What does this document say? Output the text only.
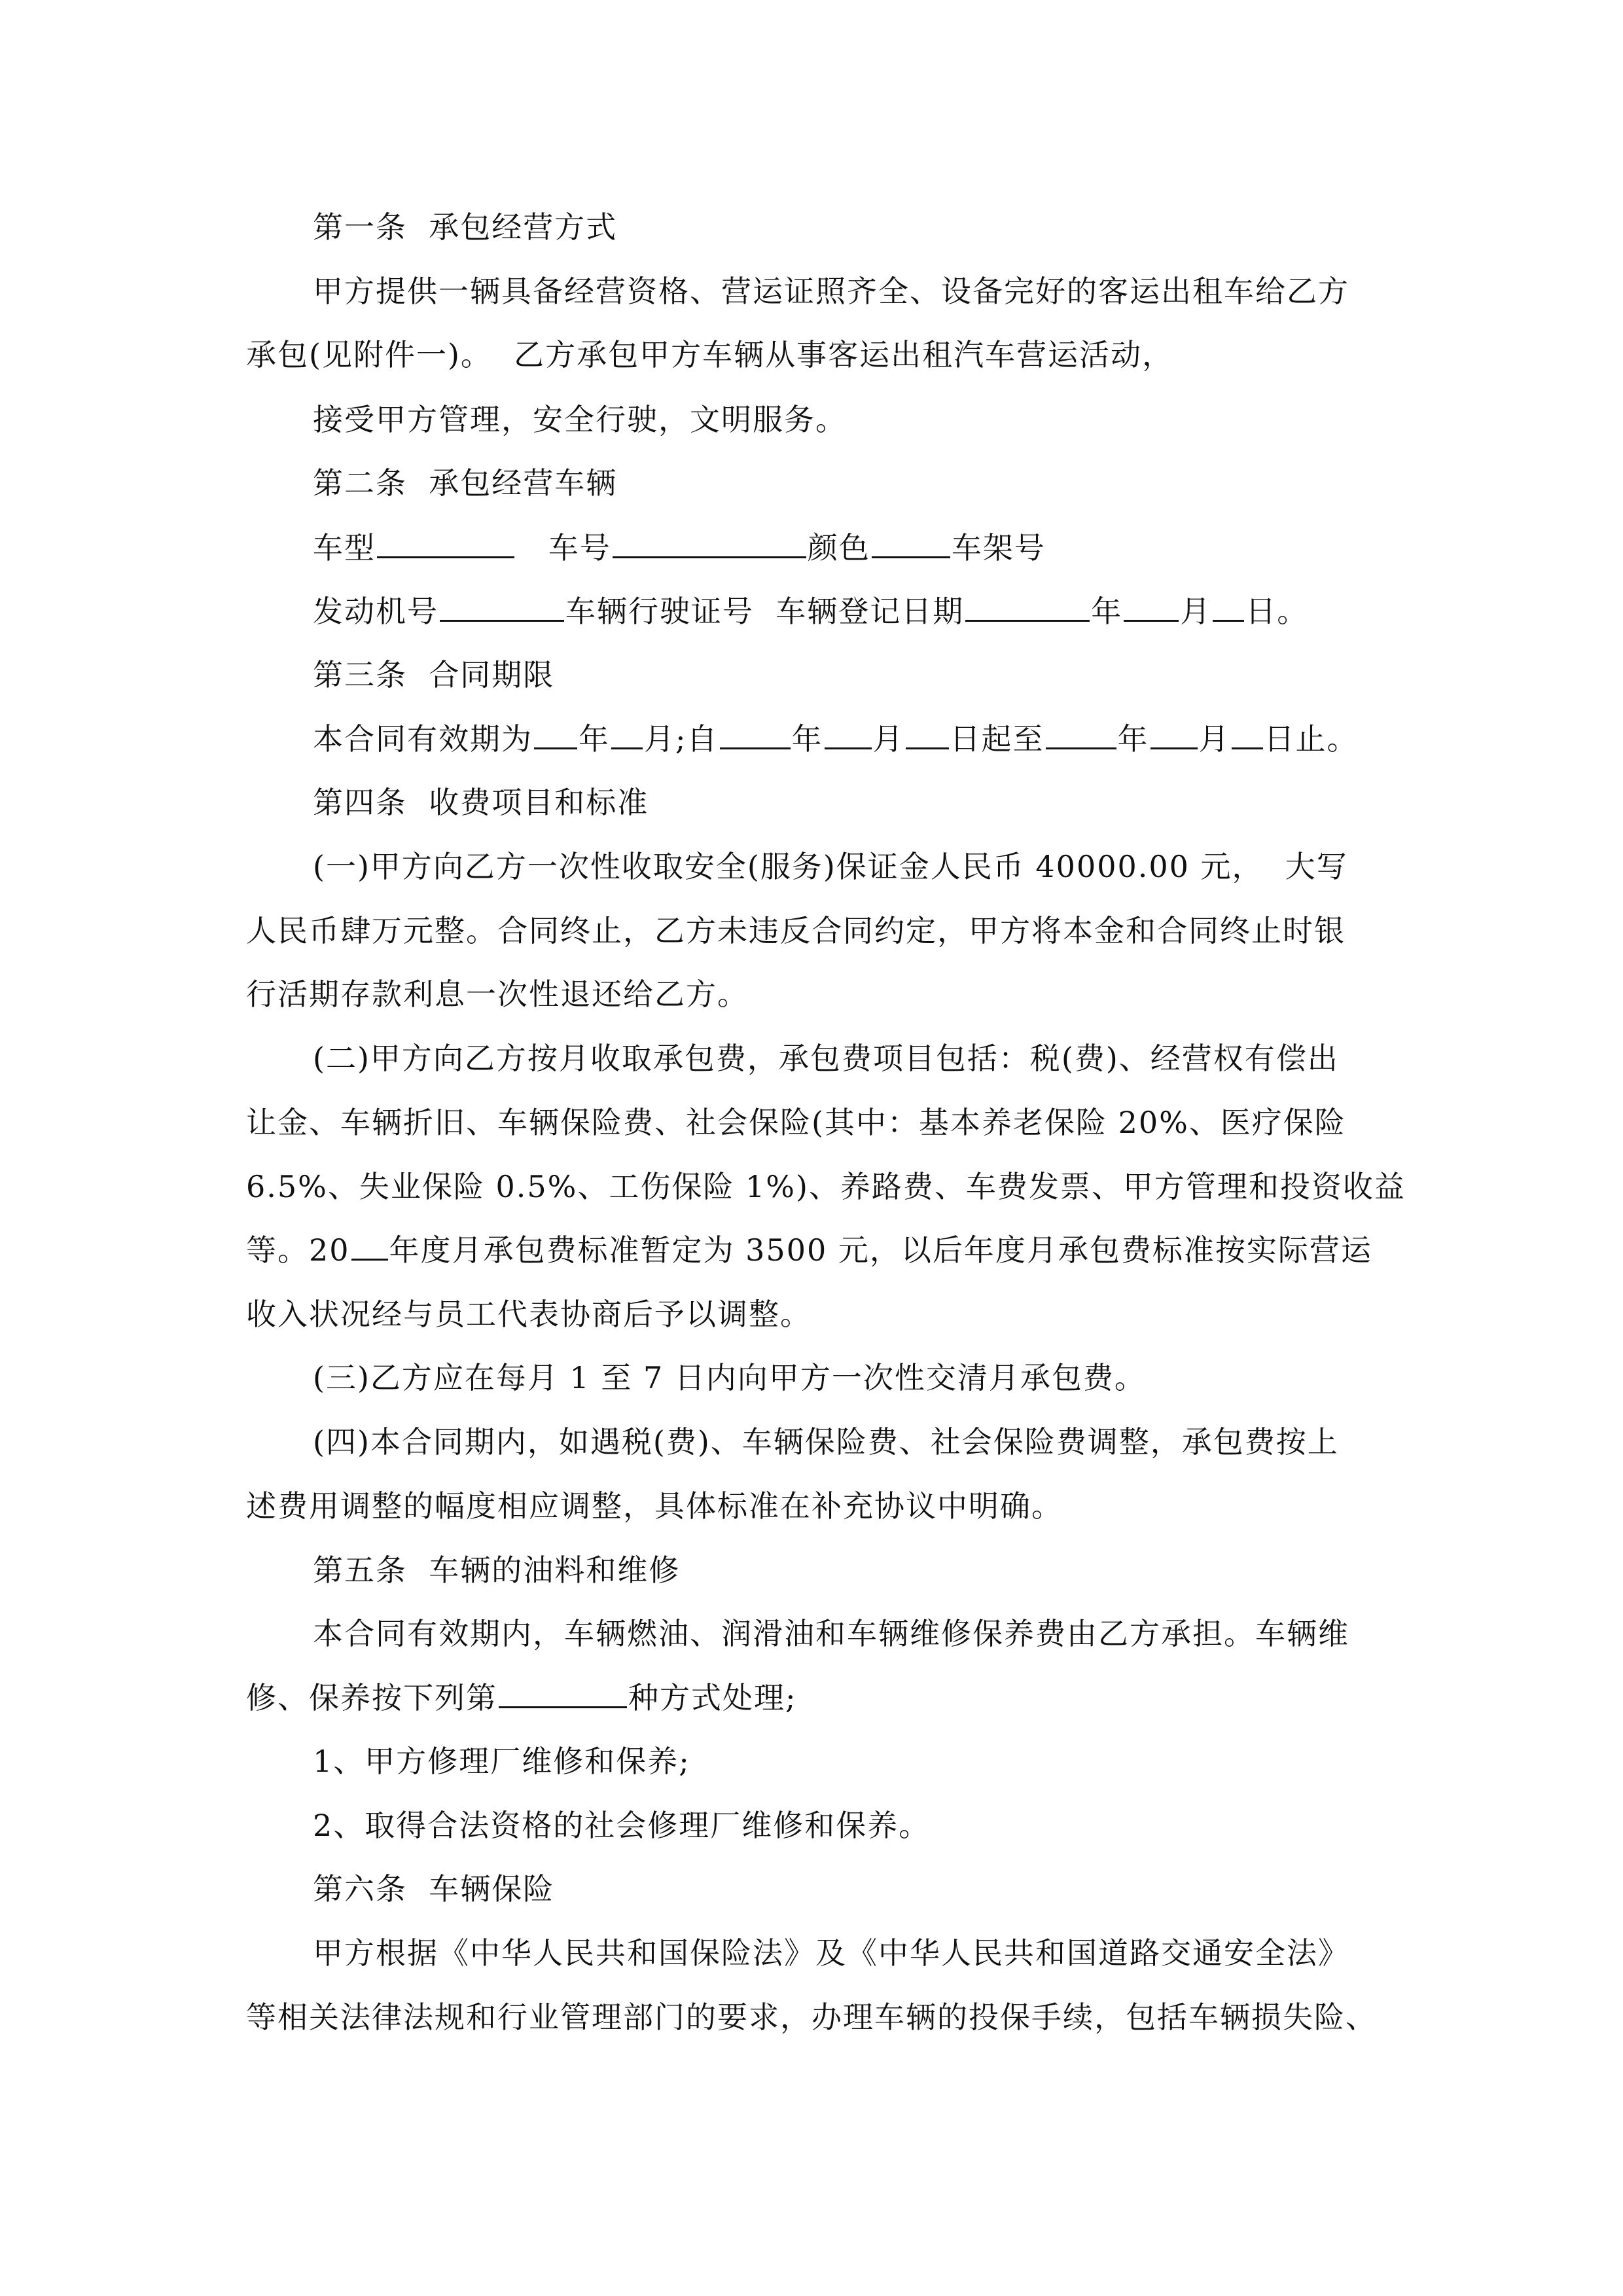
第一条  承包经营方式
甲方提供一辆具备经营资格、营运证照齐全、设备完好的客运出租车给乙方
承包(见附件一)。  乙方承包甲方车辆从事客运出租汽车营运活动，
接受甲方管理，安全行驶，文明服务。
第二条  承包经营车辆
车型	车号	颜色	车架号
发动机号	车辆行驶证号  车辆登记日期	年 月 日。
第三条  合同期限
本合同有效期为 年 月;自 年 月 日起至 年 月 日止。
第四条  收费项目和标准
(一)甲方向乙方一次性收取安全(服务)保证金人民币 40000.00 元，  大写
人民币肆万元整。合同终止，乙方未违反合同约定，甲方将本金和合同终止时银
行活期存款利息一次性退还给乙方。
(二)甲方向乙方按月收取承包费，承包费项目包括：税(费)、经营权有偿出
让金、车辆折旧、车辆保险费、社会保险(其中：基本养老保险 20%、医疗保险
6.5%、失业保险 0.5%、工伤保险 1%)、养路费、车费发票、甲方管理和投资收益
等。20 年度月承包费标准暂定为 3500 元，以后年度月承包费标准按实际营运
收入状况经与员工代表协商后予以调整。
(三)乙方应在每月 1 至 7 日内向甲方一次性交清月承包费。
(四)本合同期内，如遇税(费)、车辆保险费、社会保险费调整，承包费按上
述费用调整的幅度相应调整，具体标准在补充协议中明确。
第五条  车辆的油料和维修
本合同有效期内，车辆燃油、润滑油和车辆维修保养费由乙方承担。车辆维
修、保养按下列第	种方式处理;
1、甲方修理厂维修和保养;
2、取得合法资格的社会修理厂维修和保养。
第六条  车辆保险
甲方根据《中华人民共和国保险法》及《中华人民共和国道路交通安全法》
等相关法律法规和行业管理部门的要求，办理车辆的投保手续，包括车辆损失险、
